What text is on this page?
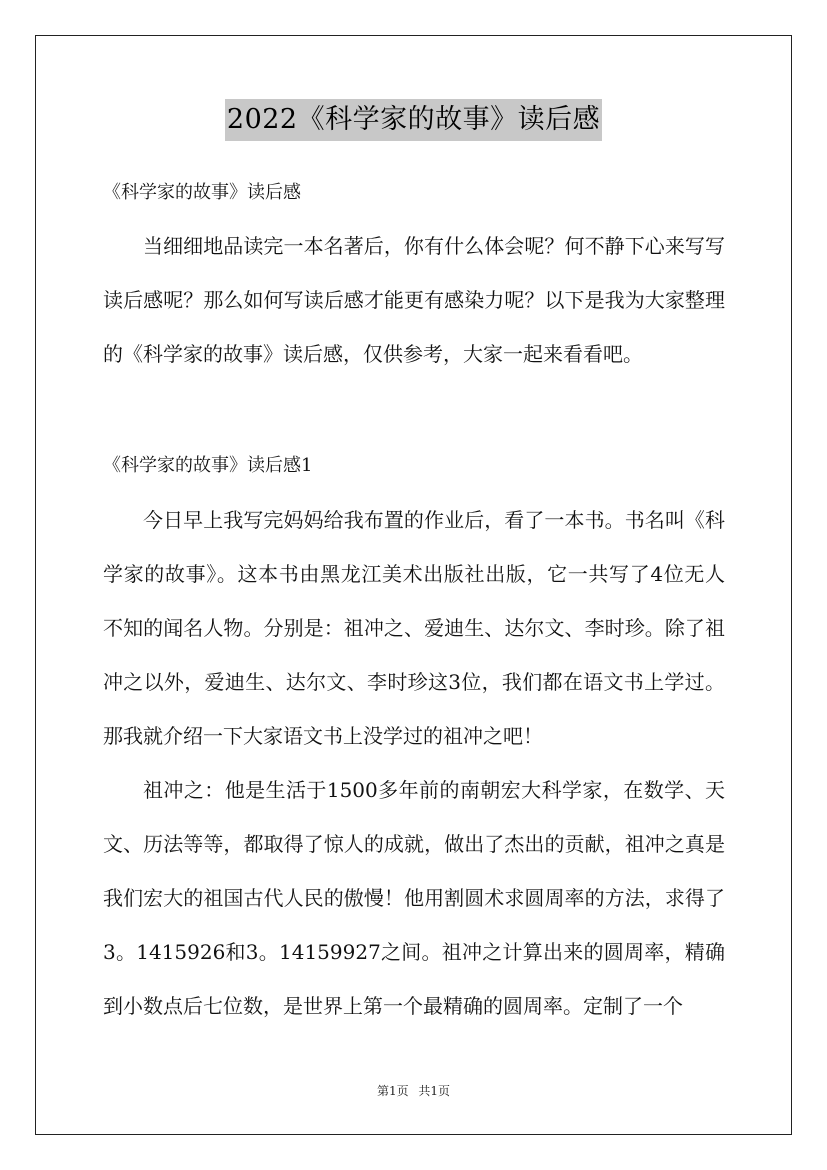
2022《科学家的故事》读后感

《科学家的故事》读后感

当细细地品读完一本名著后，你有什么体会呢？何不静下心来写写读后感呢？那么如何写读后感才能更有感染力呢？以下是我为大家整理的《科学家的故事》读后感，仅供参考，大家一起来看看吧。

《科学家的故事》读后感1

今日早上我写完妈妈给我布置的作业后，看了一本书。书名叫《科学家的故事》。这本书由黑龙江美术出版社出版，它一共写了4位无人不知的闻名人物。分别是：祖冲之、爱迪生、达尔文、李时珍。除了祖冲之以外，爱迪生、达尔文、李时珍这3位，我们都在语文书上学过。那我就介绍一下大家语文书上没学过的祖冲之吧！

祖冲之：他是生活于1500多年前的南朝宏大科学家，在数学、天文、历法等等，都取得了惊人的成就，做出了杰出的贡献，祖冲之真是我们宏大的祖国古代人民的傲慢！他用割圆术求圆周率的方法，求得了3。1415926和3。14159927之间。祖冲之计算出来的圆周率，精确到小数点后七位数，是世界上第一个最精确的圆周率。定制了一个

第1页 共1页
